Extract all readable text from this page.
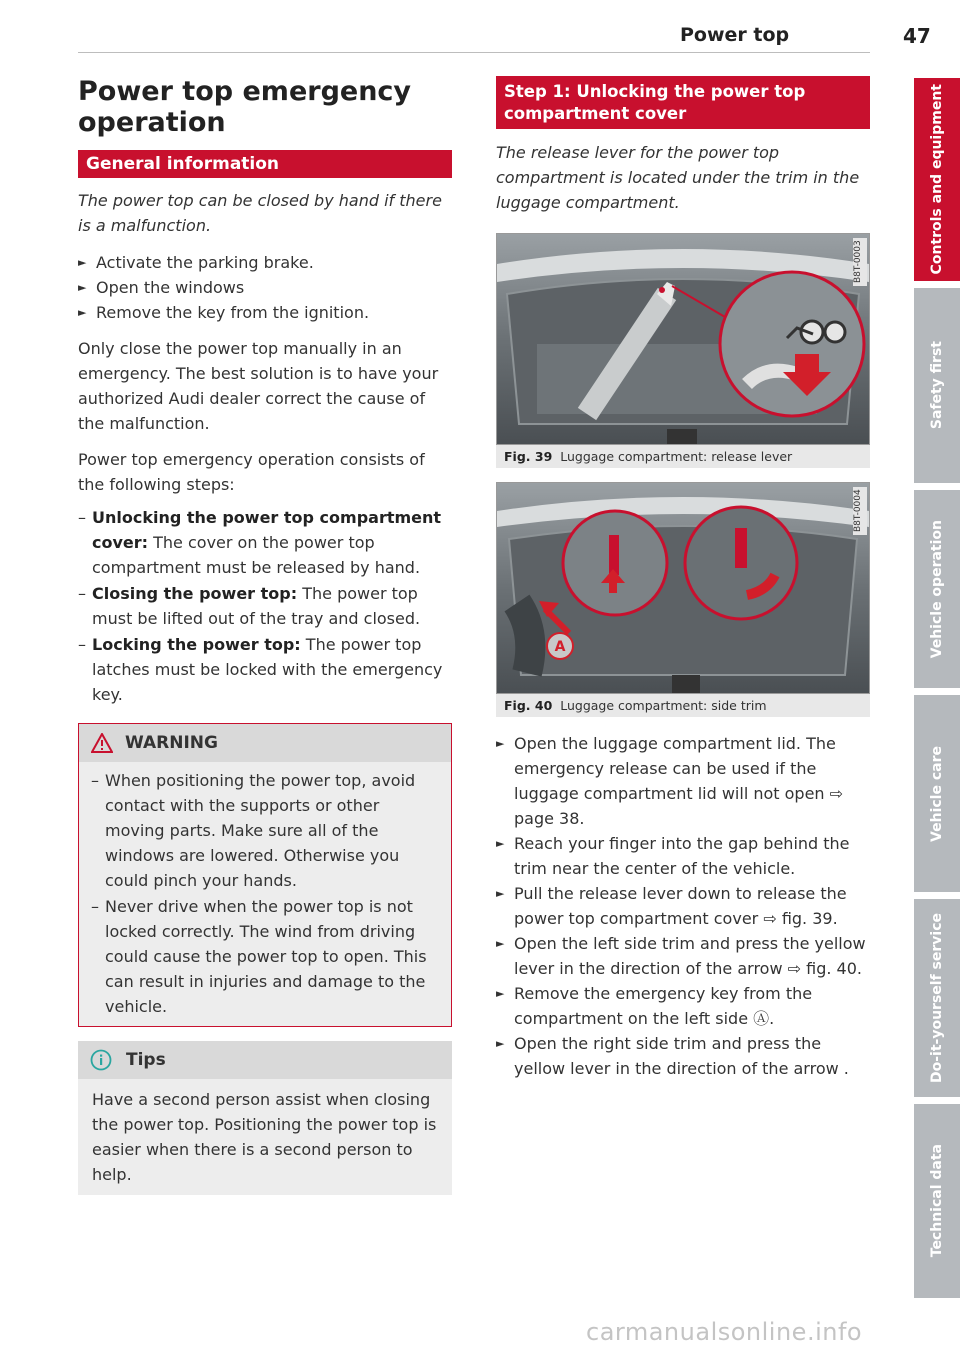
Power top	47
Power top emergency operation
General information
The power top can be closed by hand if there is a malfunction.
► Activate the parking brake.
► Open the windows
► Remove the key from the ignition.

Only close the power top manually in an emergency. The best solution is to have your authorized Audi dealer correct the cause of the malfunction.

Power top emergency operation consists of the following steps:

– Unlocking the power top compartment cover: The cover on the power top compartment must be released by hand.
– Closing the power top: The power top must be lifted out of the tray and closed.
– Locking the power top: The power top latches must be locked with the emergency key.
WARNING
– When positioning the power top, avoid contact with the supports or other moving parts. Make sure all of the windows are lowered. Otherwise you could pinch your hands.
– Never drive when the power top is not locked correctly. The wind from driving could cause the power top to open. This can result in injuries and damage to the vehicle.
Tips
Have a second person assist when closing the power top. Positioning the power top is easier when there is a second person to help.
Step 1: Unlocking the power top compartment cover
The release lever for the power top compartment is located under the trim in the luggage compartment.
B8T-0003
Fig. 39 Luggage compartment: release lever
A
B8T-0004
Fig. 40 Luggage compartment: side trim
► Open the luggage compartment lid. The emergency release can be used if the luggage compartment lid will not open ⇨ page 38.
► Reach your finger into the gap behind the trim near the center of the vehicle.
► Pull the release lever down to release the power top compartment cover ⇨ fig. 39.
► Open the left side trim and press the yellow lever in the direction of the arrow ⇨ fig. 40.
► Remove the emergency key from the compartment on the left side Ⓐ.
► Open the right side trim and press the yellow lever in the direction of the arrow .
Controls and equipment
Safety first
Vehicle operation
Vehicle care
Do-it-yourself service
Technical data
carmanualsonline.info
